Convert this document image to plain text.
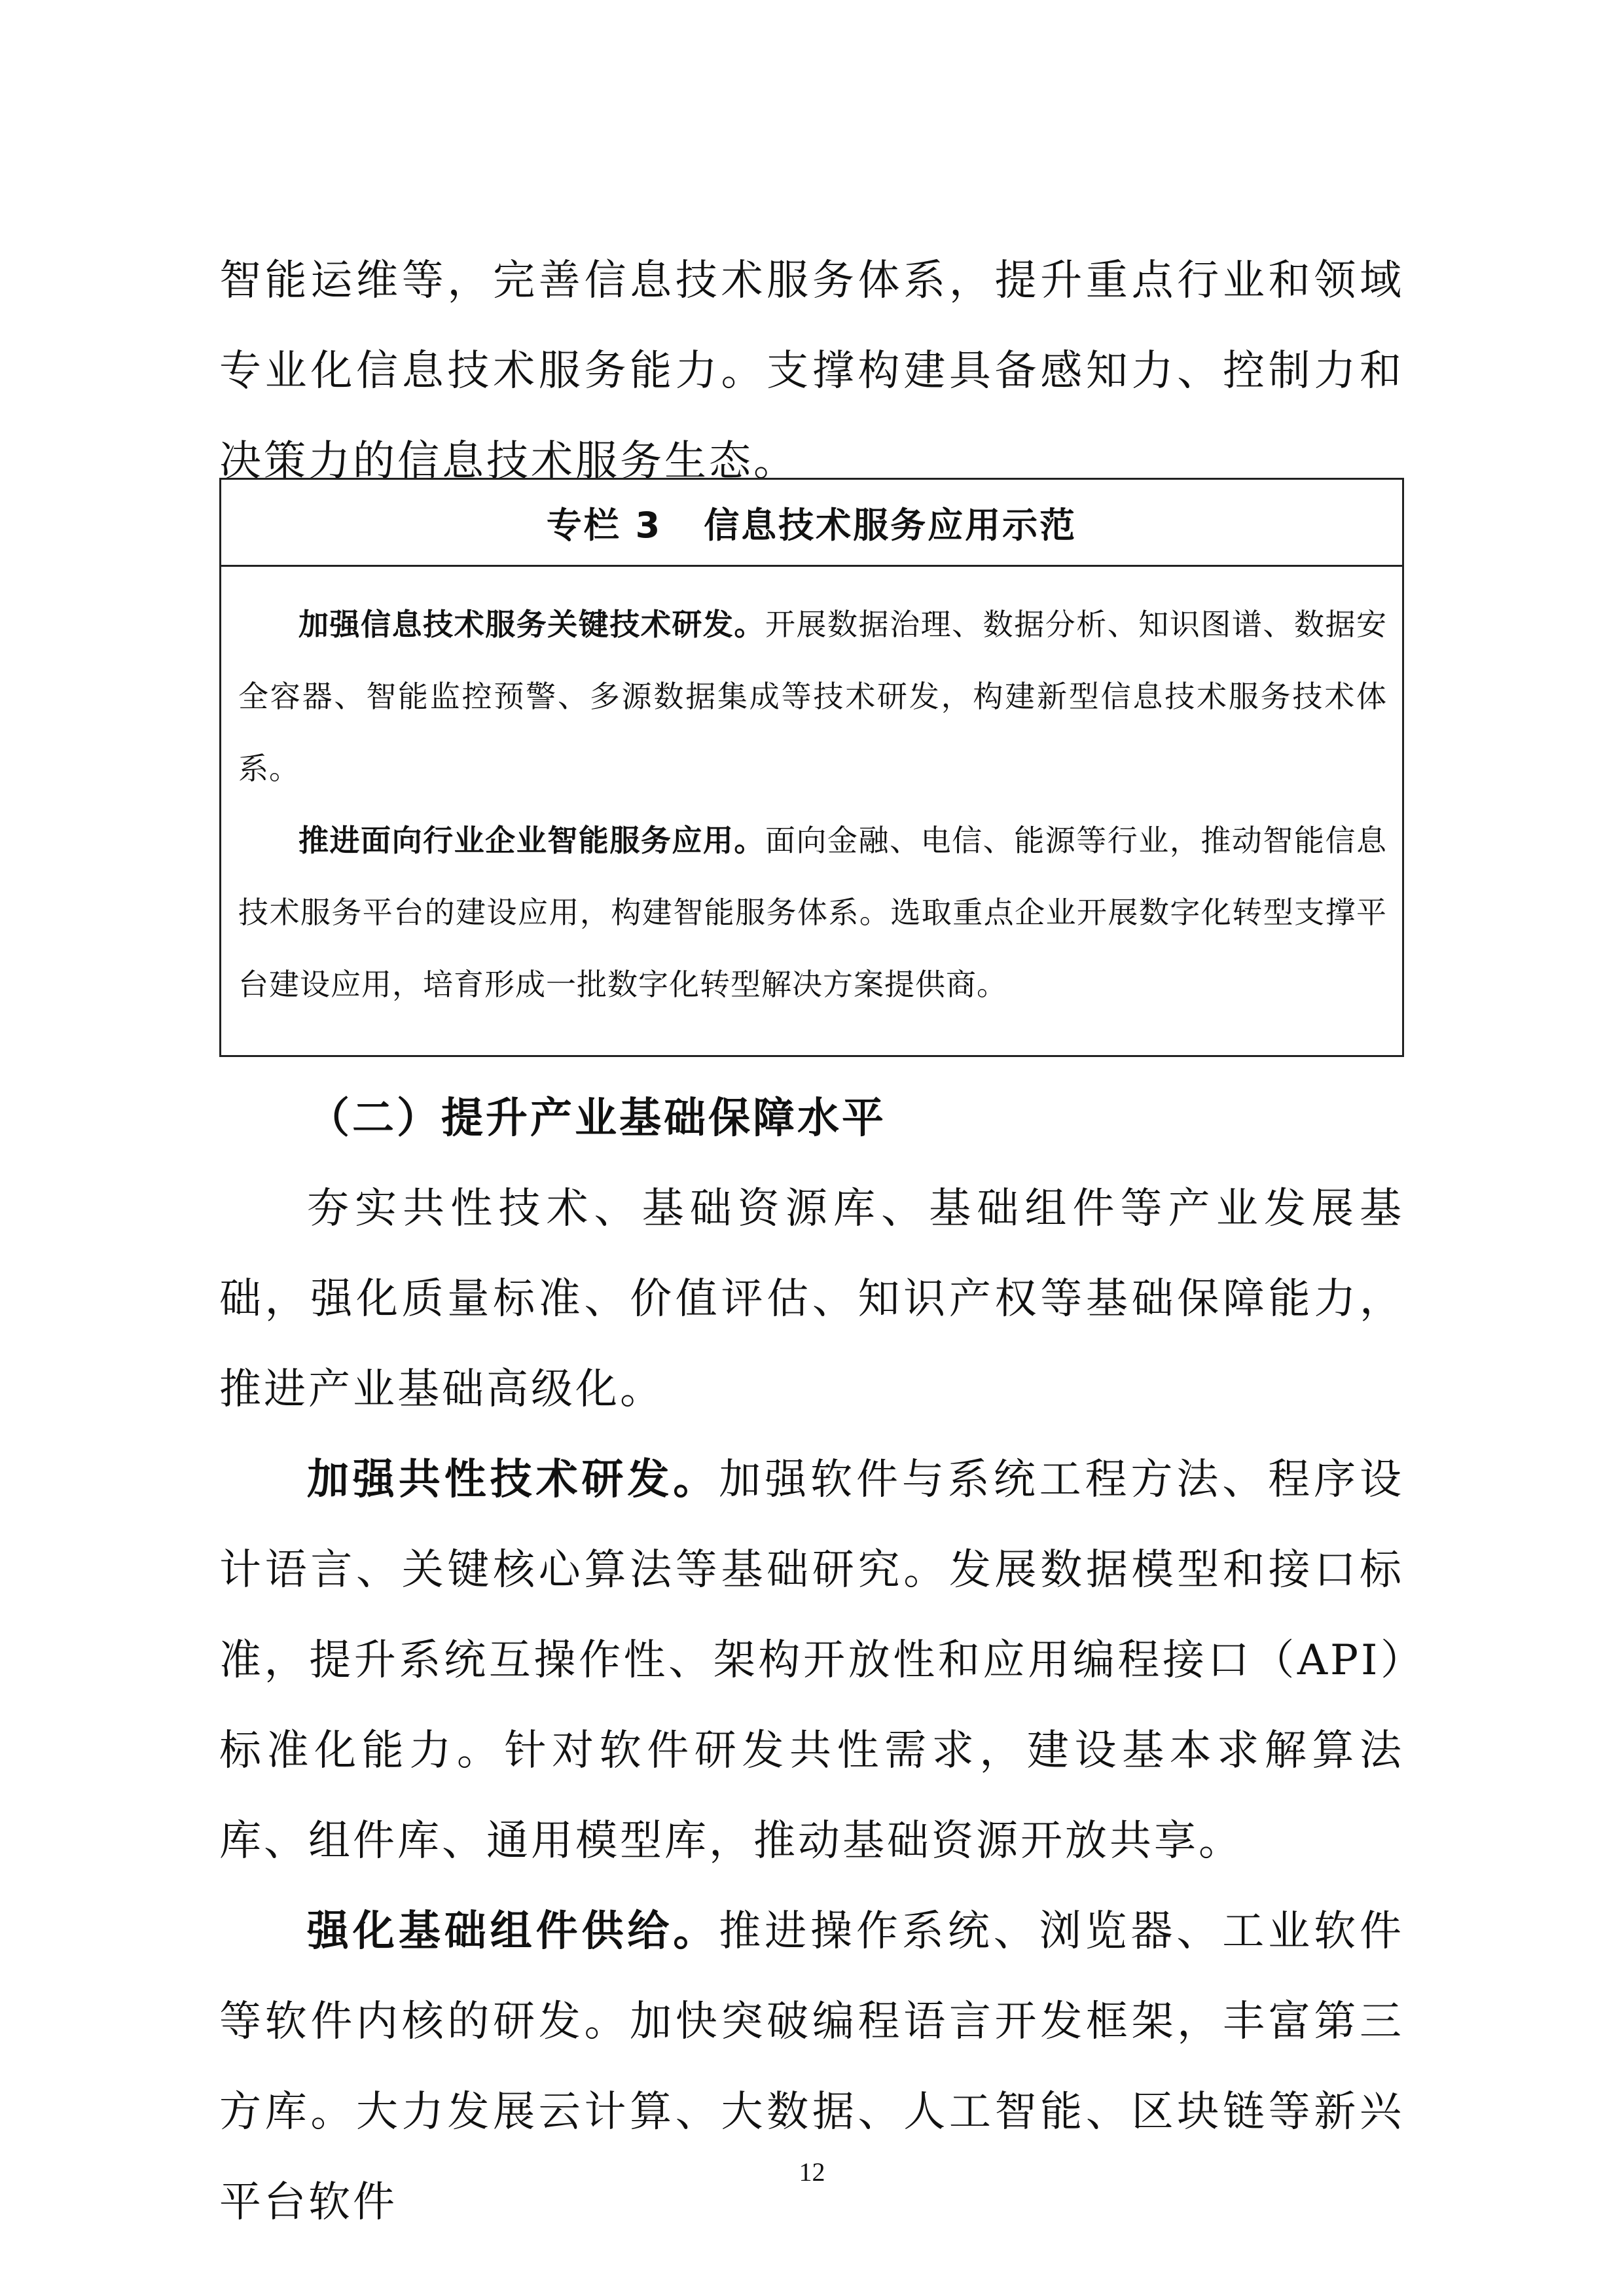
智能运维等，完善信息技术服务体系，提升重点行业和领域专业化信息技术服务能力。支撑构建具备感知力、控制力和决策力的信息技术服务生态。

专栏 3 信息技术服务应用示范

加强信息技术服务关键技术研发。开展数据治理、数据分析、知识图谱、数据安全容器、智能监控预警、多源数据集成等技术研发，构建新型信息技术服务技术体系。

推进面向行业企业智能服务应用。面向金融、电信、能源等行业，推动智能信息技术服务平台的建设应用，构建智能服务体系。选取重点企业开展数字化转型支撑平台建设应用，培育形成一批数字化转型解决方案提供商。

（二）提升产业基础保障水平

夯实共性技术、基础资源库、基础组件等产业发展基础，强化质量标准、价值评估、知识产权等基础保障能力，推进产业基础高级化。

加强共性技术研发。加强软件与系统工程方法、程序设计语言、关键核心算法等基础研究。发展数据模型和接口标准，提升系统互操作性、架构开放性和应用编程接口（API）标准化能力。针对软件研发共性需求，建设基本求解算法库、组件库、通用模型库，推动基础资源开放共享。

强化基础组件供给。推进操作系统、浏览器、工业软件等软件内核的研发。加快突破编程语言开发框架，丰富第三方库。大力发展云计算、大数据、人工智能、区块链等新兴平台软件

12
